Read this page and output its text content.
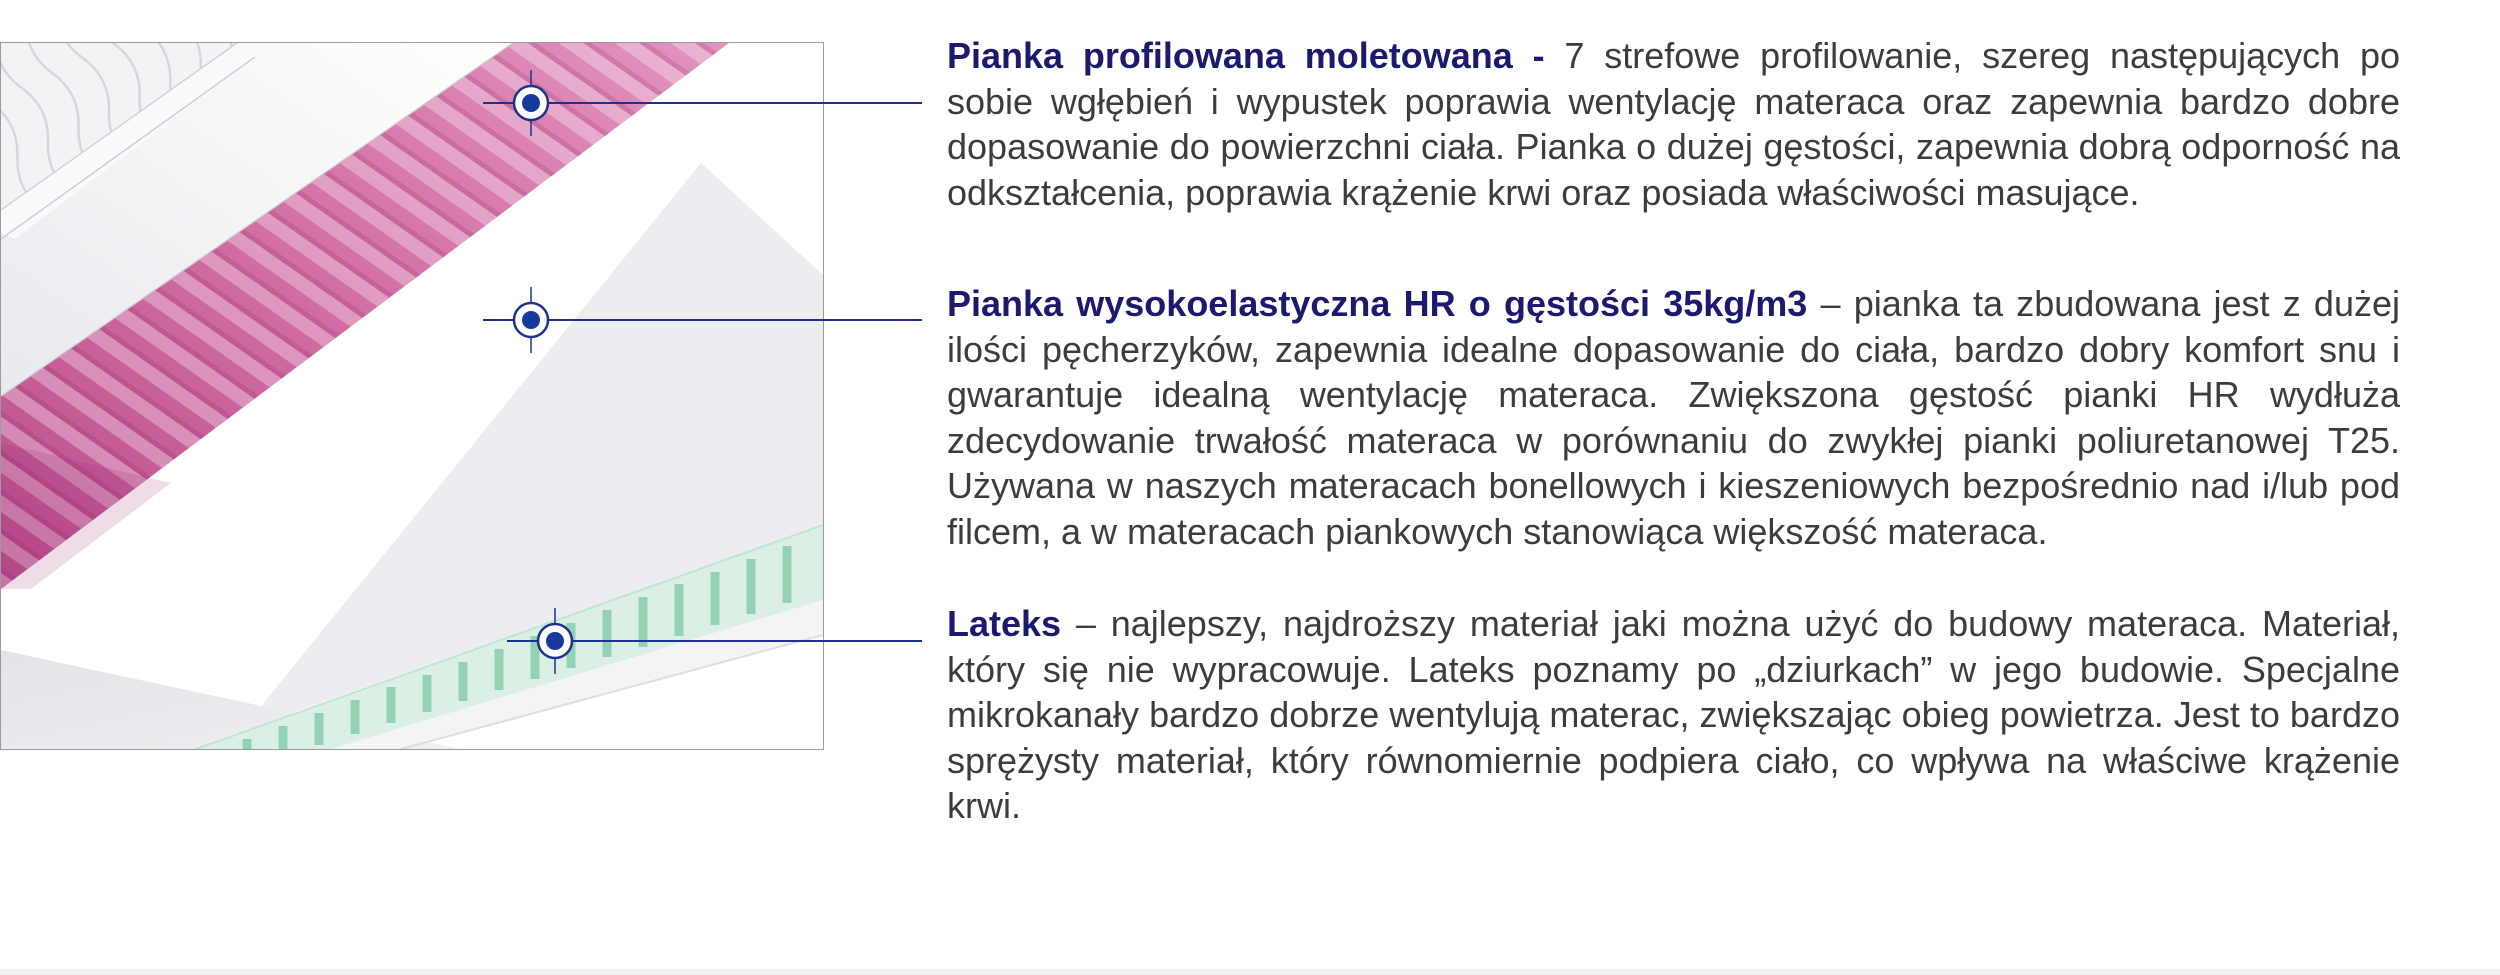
Pianka profilowana moletowana - 7 strefowe profilowanie, szereg następujących po sobie wgłębień i wypustek poprawia wentylację materaca oraz zapewnia bardzo dobre dopasowanie do powierzchni ciała. Pianka o dużej gęstości, zapewnia dobrą odporność na odkształcenia, poprawia krążenie krwi oraz posiada właściwości masujące.
Pianka wysokoelastyczna HR o gęstości 35kg/m3 – pianka ta zbudowana jest z dużej ilości pęcherzyków, zapewnia idealne dopasowanie do ciała, bardzo dobry komfort snu i gwarantuje idealną wentylację materaca. Zwiększona gęstość pianki HR wydłuża zdecydowanie trwałość materaca w porównaniu do zwykłej pianki poliuretanowej T25. Używana w naszych materacach bonellowych i kieszeniowych bezpośrednio nad i/lub pod filcem, a w materacach piankowych stanowiąca większość materaca.
Lateks – najlepszy, najdroższy materiał jaki można użyć do budowy materaca. Materiał, który się nie wypracowuje. Lateks poznamy po „dziurkach” w jego budowie. Specjalne mikrokanały bardzo dobrze wentylują materac, zwiększając obieg powietrza. Jest to bardzo sprężysty materiał, który równomiernie podpiera ciało, co wpływa na właściwe krążenie krwi.
